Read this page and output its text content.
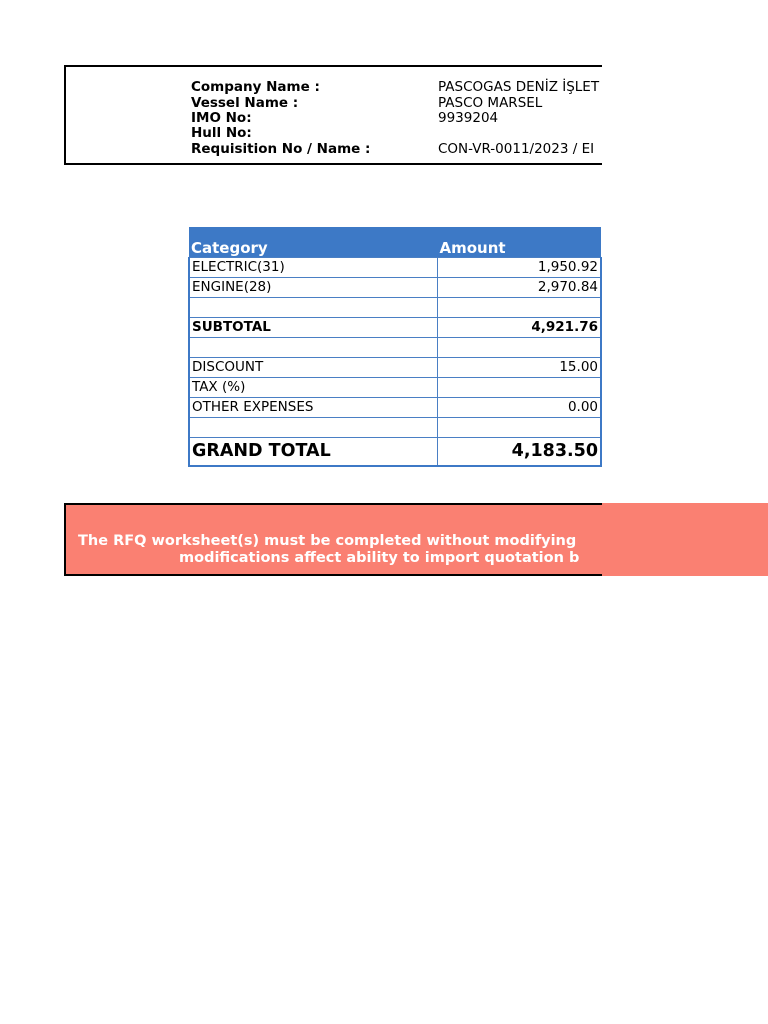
Company Name :	PASCOGAS DENİZ İŞLET
Vessel Name :	PASCO MARSEL
IMO No:	9939204
Hull No:
Requisition No / Name :	CON-VR-0011/2023 / EI
Category	Amount
ELECTRIC(31)	1,950.92
ENGINE(28)	2,970.84

SUBTOTAL	4,921.76

DISCOUNT	15.00
TAX (%)	
OTHER EXPENSES	0.00

GRAND TOTAL	4,183.50
The RFQ worksheet(s) must be completed without modifying
modifications affect ability to import quotation b
